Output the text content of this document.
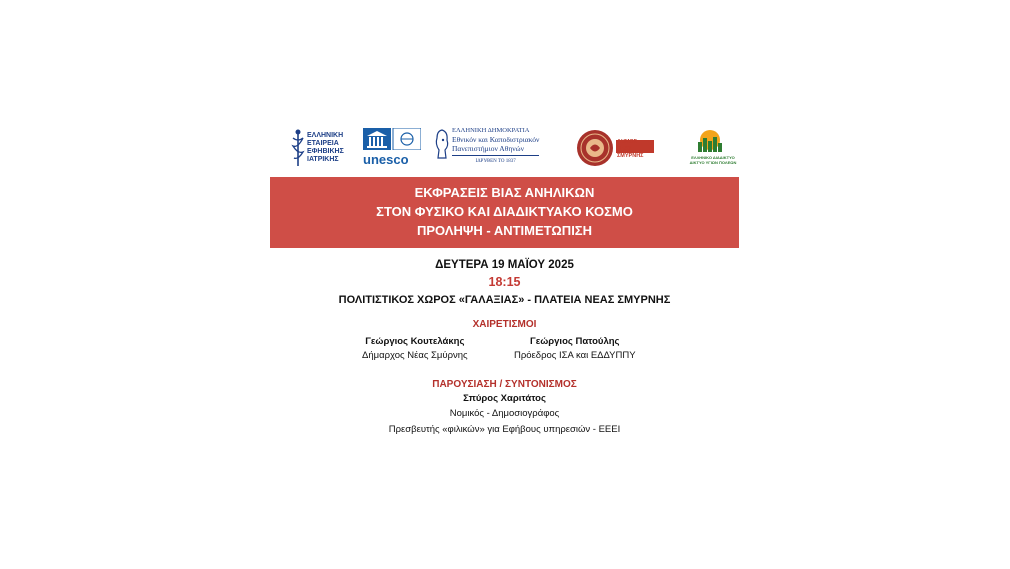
ΕΛΛΗΝΙΚΗ
ΕΤΑΙΡΕΙΑ
ΕΦΗΒΙΚΗΣ
ΙΑΤΡΙΚΗΣ	unesco
ΕΛΛΗΝΙΚΗ ΔΗΜΟΚΡΑΤΙΑ
Εθνικόν και Καποδιστριακόν
Πανεπιστήμιον Αθηνών
ΙΔΡΥΘΕΝ ΤΟ 1837
ΔΗΜΟΣ
ΝΕΑΣ ΣΜΥΡΝΗΣ	ΕΛΛΗΝΙΚΟ ΔΙΑΔΙΚΤΥΟ
ΔΙΚΤΥΟ ΥΓΙΩΝ ΠΟΛΕΩΝ
ΕΚΦΡΑΣΕΙΣ ΒΙΑΣ ΑΝΗΛΙΚΩΝ
ΣΤΟΝ ΦΥΣΙΚΟ ΚΑΙ ΔΙΑΔΙΚΤΥΑΚΟ ΚΟΣΜΟ
ΠΡΟΛΗΨΗ - ΑΝΤΙΜΕΤΩΠΙΣΗ
ΔΕΥΤΕΡΑ 19 ΜΑΪΟΥ 2025
18:15
ΠΟΛΙΤΙΣΤΙΚΟΣ ΧΩΡΟΣ «ΓΑΛΑΞΙΑΣ» - ΠΛΑΤΕΙΑ ΝΕΑΣ ΣΜΥΡΝΗΣ
ΧΑΙΡΕΤΙΣΜΟΙ
Γεώργιος Κουτελάκης
Δήμαρχος Νέας Σμύρνης
Γεώργιος Πατούλης
Πρόεδρος ΙΣΑ και ΕΔΔΥΠΠΥ
ΠΑΡΟΥΣΙΑΣΗ / ΣΥΝΤΟΝΙΣΜΟΣ
Σπύρος Χαριτάτος
Νομικός - Δημοσιογράφος
Πρεσβευτής «φιλικών» για Εφήβους υπηρεσιών - ΕΕΕΙ
